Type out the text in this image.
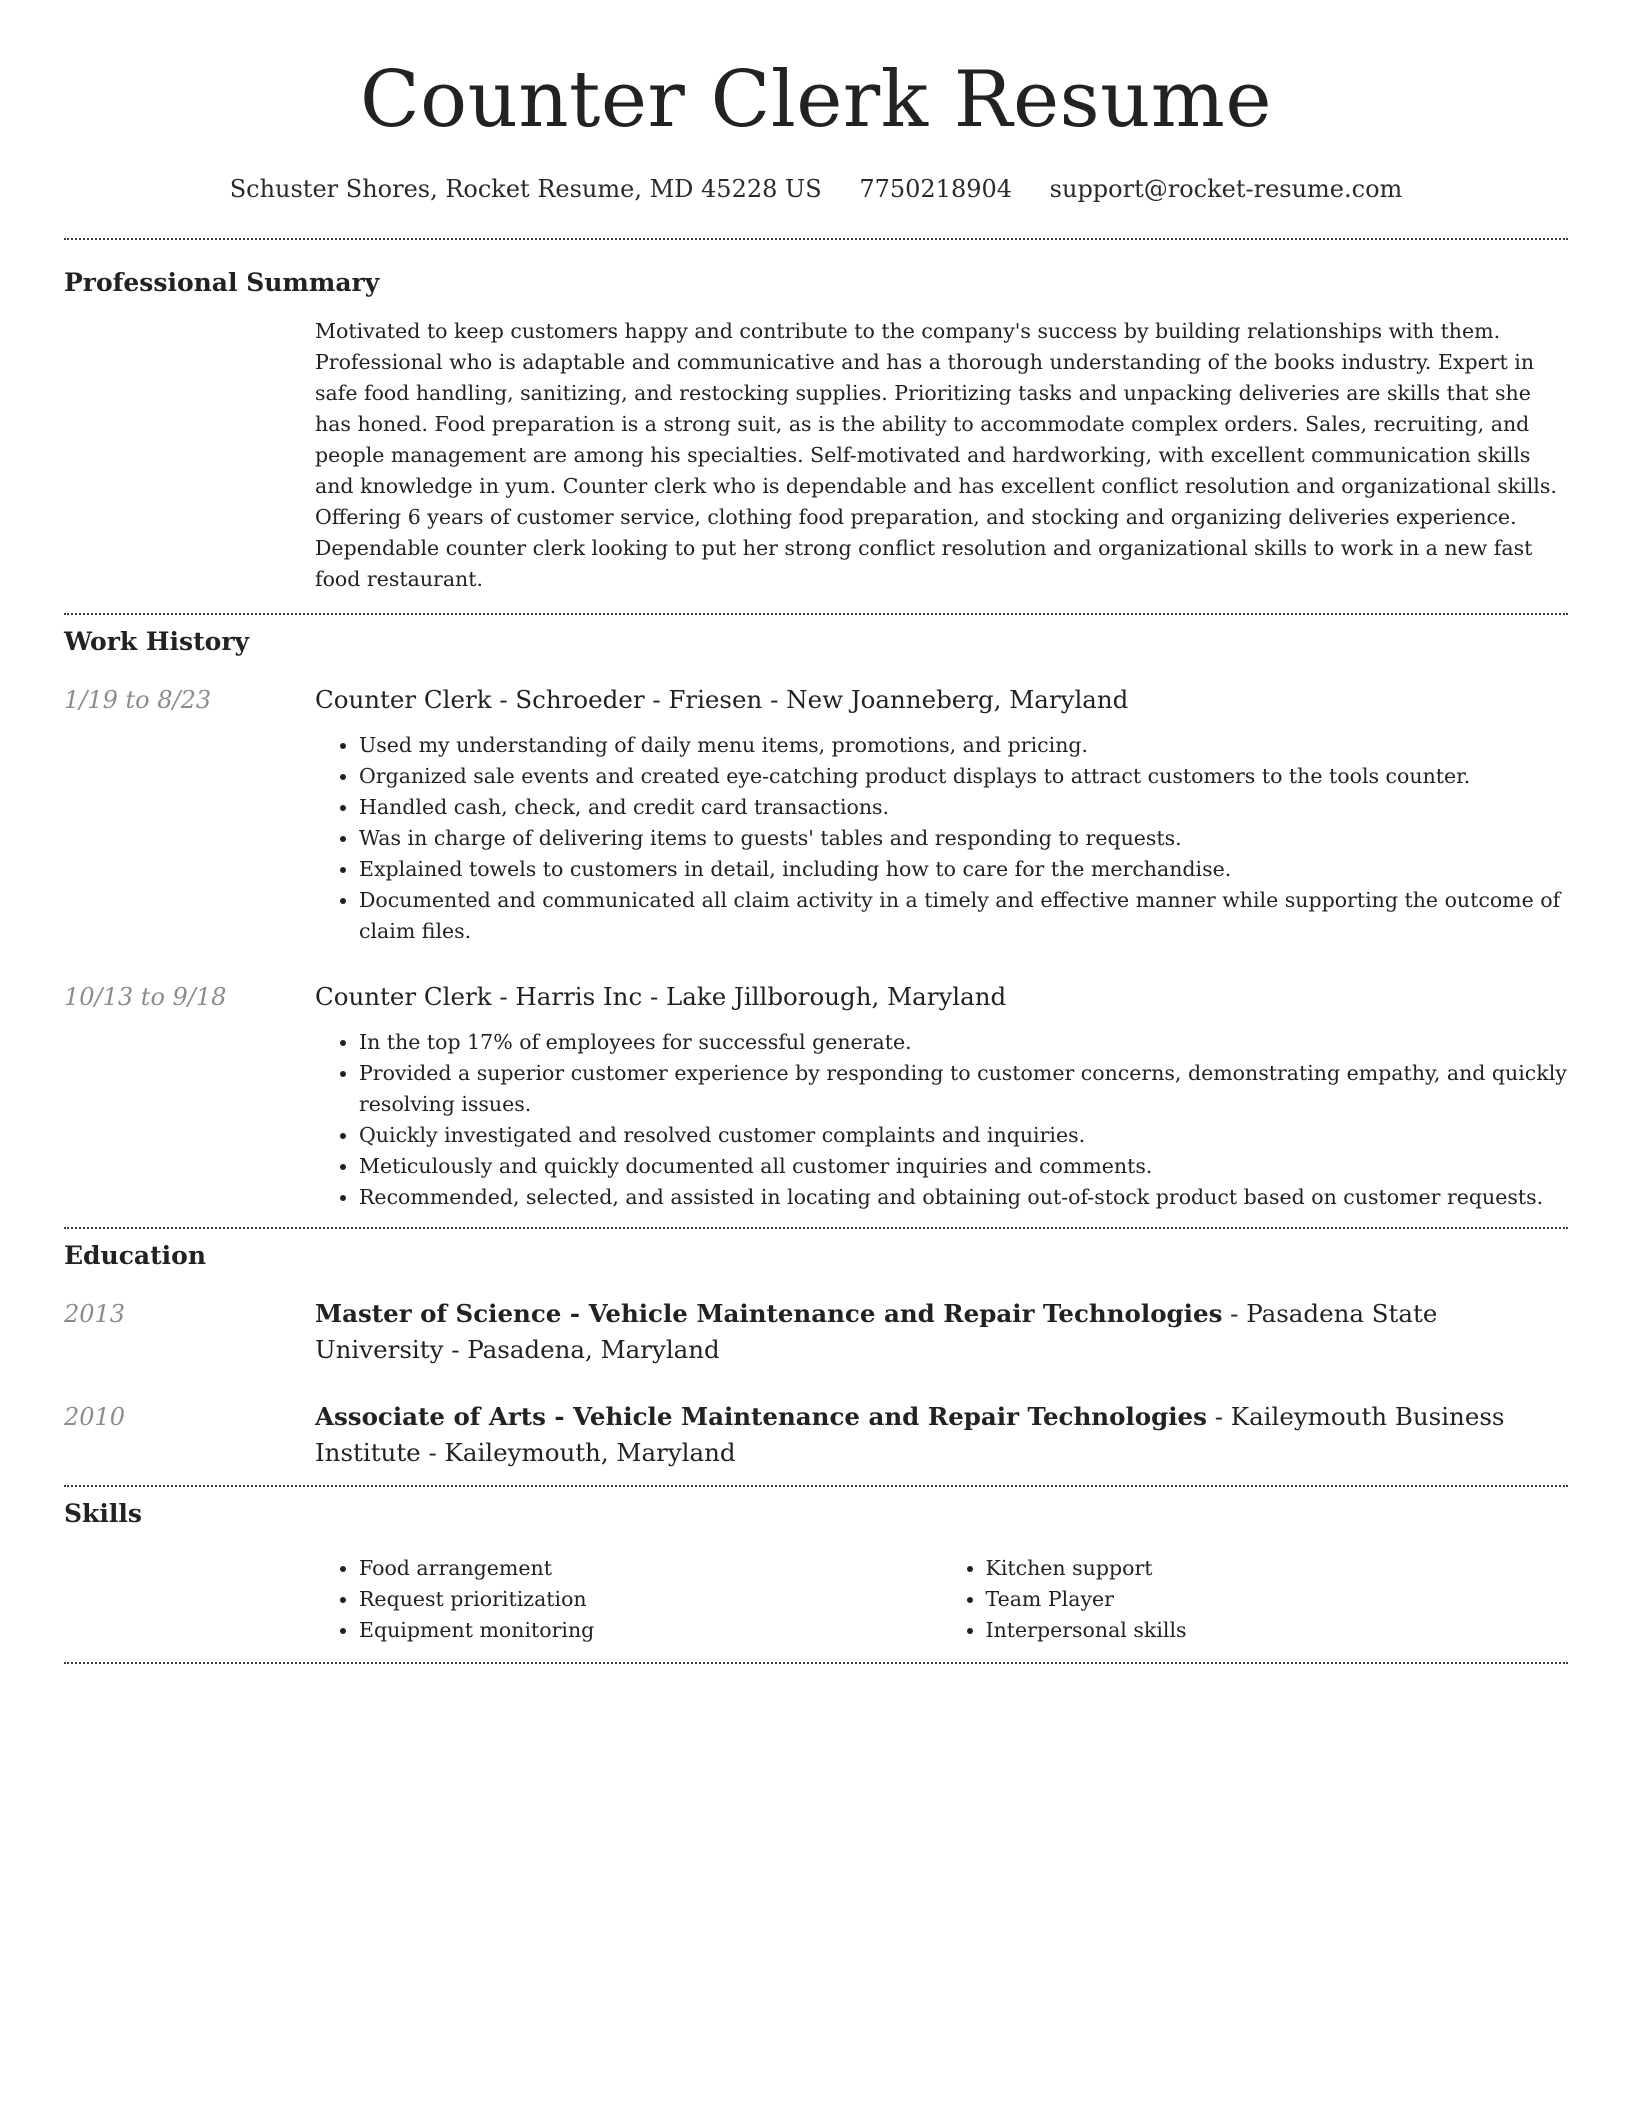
Counter Clerk Resume
Schuster Shores, Rocket Resume, MD 45228 US 7750218904 support@rocket-resume.com
Professional Summary

Motivated to keep customers happy and contribute to the company's success by building relationships with them. Professional who is adaptable and communicative and has a thorough understanding of the books industry. Expert in safe food handling, sanitizing, and restocking supplies. Prioritizing tasks and unpacking deliveries are skills that she has honed. Food preparation is a strong suit, as is the ability to accommodate complex orders. Sales, recruiting, and people management are among his specialties. Self-motivated and hardworking, with excellent communication skills and knowledge in yum. Counter clerk who is dependable and has excellent conflict resolution and organizational skills. Offering 6 years of customer service, clothing food preparation, and stocking and organizing deliveries experience. Dependable counter clerk looking to put her strong conflict resolution and organizational skills to work in a new fast food restaurant.

Work History
1/19 to 8/23	Counter Clerk - Schroeder - Friesen - New Joanneberg, Maryland
• Used my understanding of daily menu items, promotions, and pricing.
• Organized sale events and created eye-catching product displays to attract customers to the tools counter.
• Handled cash, check, and credit card transactions.
• Was in charge of delivering items to guests' tables and responding to requests.
• Explained towels to customers in detail, including how to care for the merchandise.
• Documented and communicated all claim activity in a timely and effective manner while supporting the outcome of claim files.
10/13 to 9/18	Counter Clerk - Harris Inc - Lake Jillborough, Maryland
• In the top 17% of employees for successful generate.
• Provided a superior customer experience by responding to customer concerns, demonstrating empathy, and quickly resolving issues.
• Quickly investigated and resolved customer complaints and inquiries.
• Meticulously and quickly documented all customer inquiries and comments.
• Recommended, selected, and assisted in locating and obtaining out-of-stock product based on customer requests.
Education
2013	Master of Science - Vehicle Maintenance and Repair Technologies - Pasadena State University - Pasadena, Maryland
2010	Associate of Arts - Vehicle Maintenance and Repair Technologies - Kaileymouth Business Institute - Kaileymouth, Maryland
Skills
• Food arrangement
• Request prioritization
• Equipment monitoring
• Kitchen support
• Team Player
• Interpersonal skills
